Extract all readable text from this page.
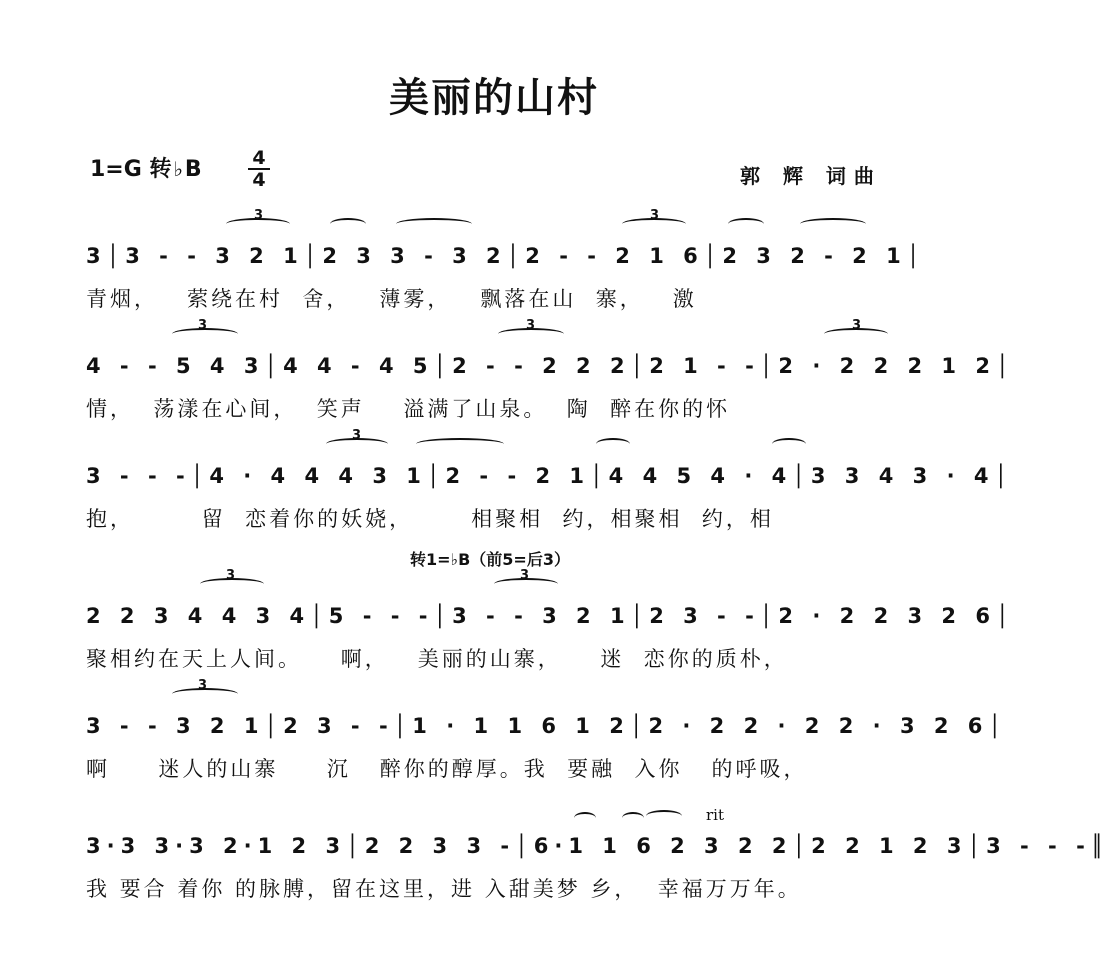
美丽的山村
1=G 转 ♭B	4
4	郭 辉 词曲
3│3 - - 3 2 1│2 3 3 - 3 2│2 - - 2 1 6│2 3 2 - 2 1│
青烟，   萦绕在村  舍，   薄雾，   飘落在山  寨，   激
3	3
4 - - 5 4 3│4 4 - 4 5│2 - - 2 2 2│2 1 - -│2 · 2 2 2 1 2│
情，  荡漾在心间，  笑声    溢满了山泉。  陶  醉在你的怀
3	3	3
3 - - -│4 · 4 4 4 3 1│2 - - 2 1│4 4 5 4 · 4│3 3 4 3 · 4│
抱，       留  恋着你的妖娆，      相聚相  约，相聚相  约，相
3
转1=♭B（前5=后3）
2 2 3 4 4 3 4│5 - - -│3 - - 3 2 1│2 3 - -│2 · 2 2 3 2 6│
聚相约在天上人间。    啊，   美丽的山寨，    迷  恋你的质朴，
3	3
3 - - 3 2 1│2 3 - -│1 · 1 1 6 1 2│2 · 2 2 · 2 2 · 3 2 6│
啊     迷人的山寨     沉   醉你的醇厚。我  要融  入你   的呼吸，
3
rit
3·3 3·3 2·1 2 3│2 2 3 3 -│6·1 1 6 2 3 2 2│2 2 1 2 3│3 - - -║
我 要合 着你 的脉膊，留在这里，进 入甜美梦 乡，  幸福万万年。
